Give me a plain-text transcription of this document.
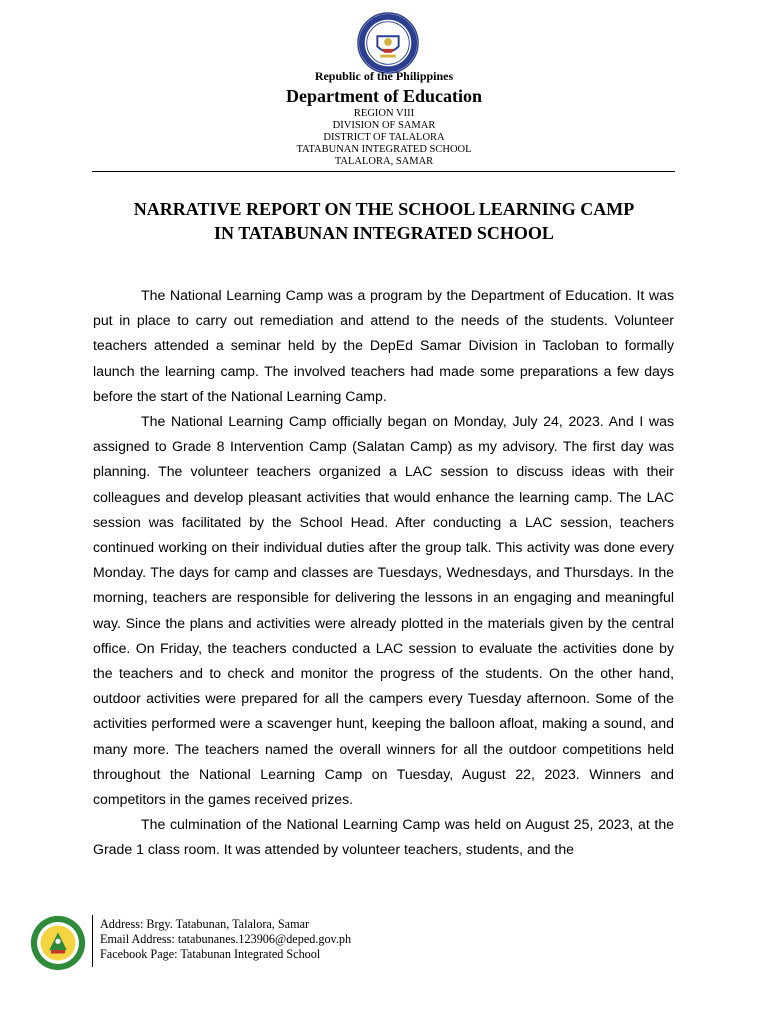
Republic of the Philippines
Department of Education
REGION VIII
DIVISION OF SAMAR
DISTRICT OF TALALORA
TATABUNAN INTEGRATED SCHOOL
TALALORA, SAMAR
NARRATIVE REPORT ON THE SCHOOL LEARNING CAMP
IN TATABUNAN INTEGRATED SCHOOL

The National Learning Camp was a program by the Department of Education. It was put in place to carry out remediation and attend to the needs of the students. Volunteer teachers attended a seminar held by the DepEd Samar Division in Tacloban to formally launch the learning camp. The involved teachers had made some preparations a few days before the start of the National Learning Camp.

The National Learning Camp officially began on Monday, July 24, 2023. And I was assigned to Grade 8 Intervention Camp (Salatan Camp) as my advisory. The first day was planning. The volunteer teachers organized a LAC session to discuss ideas with their colleagues and develop pleasant activities that would enhance the learning camp. The LAC session was facilitated by the School Head. After conducting a LAC session, teachers continued working on their individual duties after the group talk. This activity was done every Monday. The days for camp and classes are Tuesdays, Wednesdays, and Thursdays. In the morning, teachers are responsible for delivering the lessons in an engaging and meaningful way. Since the plans and activities were already plotted in the materials given by the central office. On Friday, the teachers conducted a LAC session to evaluate the activities done by the teachers and to check and monitor the progress of the students. On the other hand, outdoor activities were prepared for all the campers every Tuesday afternoon. Some of the activities performed were a scavenger hunt, keeping the balloon afloat, making a sound, and many more. The teachers named the overall winners for all the outdoor competitions held throughout the National Learning Camp on Tuesday, August 22, 2023. Winners and competitors in the games received prizes.

The culmination of the National Learning Camp was held on August 25, 2023, at the Grade 1 class room. It was attended by volunteer teachers, students, and the

Address: Brgy. Tatabunan, Talalora, Samar
Email Address: tatabunanes.123906@deped.gov.ph
Facebook Page: Tatabunan Integrated School
